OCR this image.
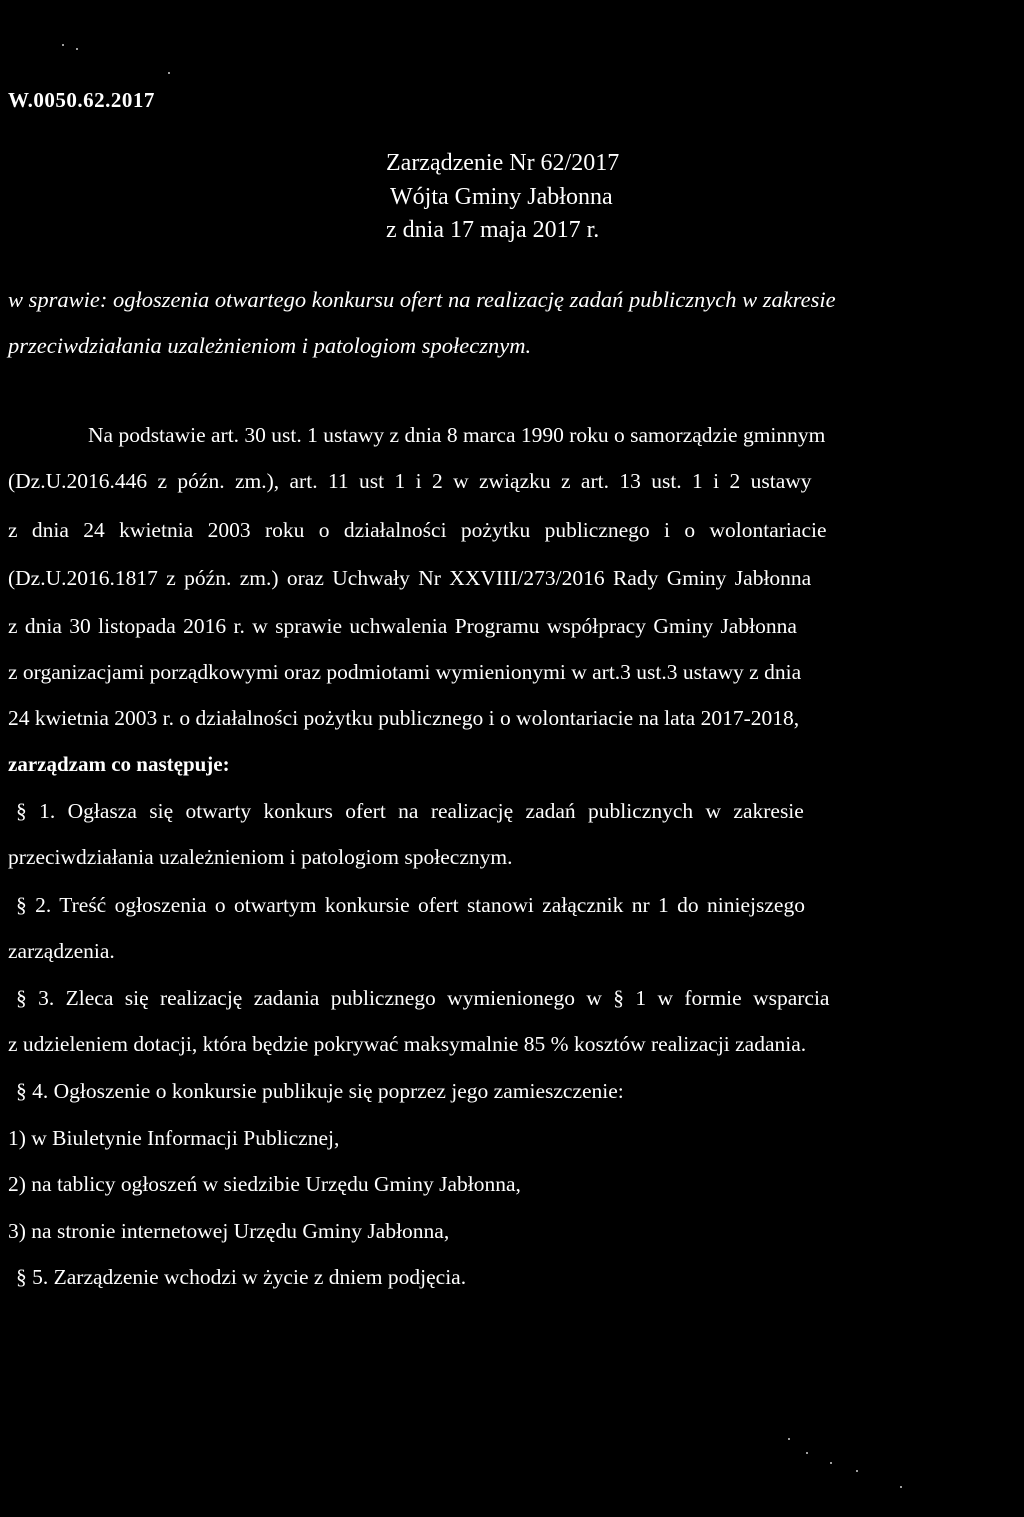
W.0050.62.2017
Zarządzenie Nr 62/2017
Wójta Gminy Jabłonna
z dnia 17 maja 2017 r.
w sprawie: ogłoszenia otwartego konkursu ofert na realizację zadań publicznych w zakresie
przeciwdziałania uzależnieniom i patologiom społecznym.
Na podstawie art. 30 ust. 1 ustawy z dnia 8 marca 1990 roku o samorządzie gminnym
(Dz.U.2016.446 z późn. zm.), art. 11 ust 1 i 2 w związku z art. 13 ust. 1 i 2 ustawy
z dnia 24 kwietnia 2003 roku o działalności pożytku publicznego i o wolontariacie
(Dz.U.2016.1817 z późn. zm.) oraz Uchwały Nr XXVIII/273/2016 Rady Gminy Jabłonna
z dnia 30 listopada 2016 r. w sprawie uchwalenia Programu współpracy Gminy Jabłonna
z organizacjami porządkowymi oraz podmiotami wymienionymi w art.3 ust.3 ustawy z dnia
24 kwietnia 2003 r. o działalności pożytku publicznego i o wolontariacie na lata 2017-2018,
zarządzam co następuje:
§ 1. Ogłasza się otwarty konkurs ofert na realizację zadań publicznych w zakresie
przeciwdziałania uzależnieniom i patologiom społecznym.
§ 2. Treść ogłoszenia o otwartym konkursie ofert stanowi załącznik nr 1 do niniejszego
zarządzenia.
§ 3. Zleca się realizację zadania publicznego wymienionego w § 1 w formie wsparcia
z udzieleniem dotacji, która będzie pokrywać maksymalnie 85 % kosztów realizacji zadania.
§ 4. Ogłoszenie o konkursie publikuje się poprzez jego zamieszczenie:
1) w Biuletynie Informacji Publicznej,
2) na tablicy ogłoszeń w siedzibie Urzędu Gminy Jabłonna,
3) na stronie internetowej Urzędu Gminy Jabłonna,
§ 5. Zarządzenie wchodzi w życie z dniem podjęcia.
